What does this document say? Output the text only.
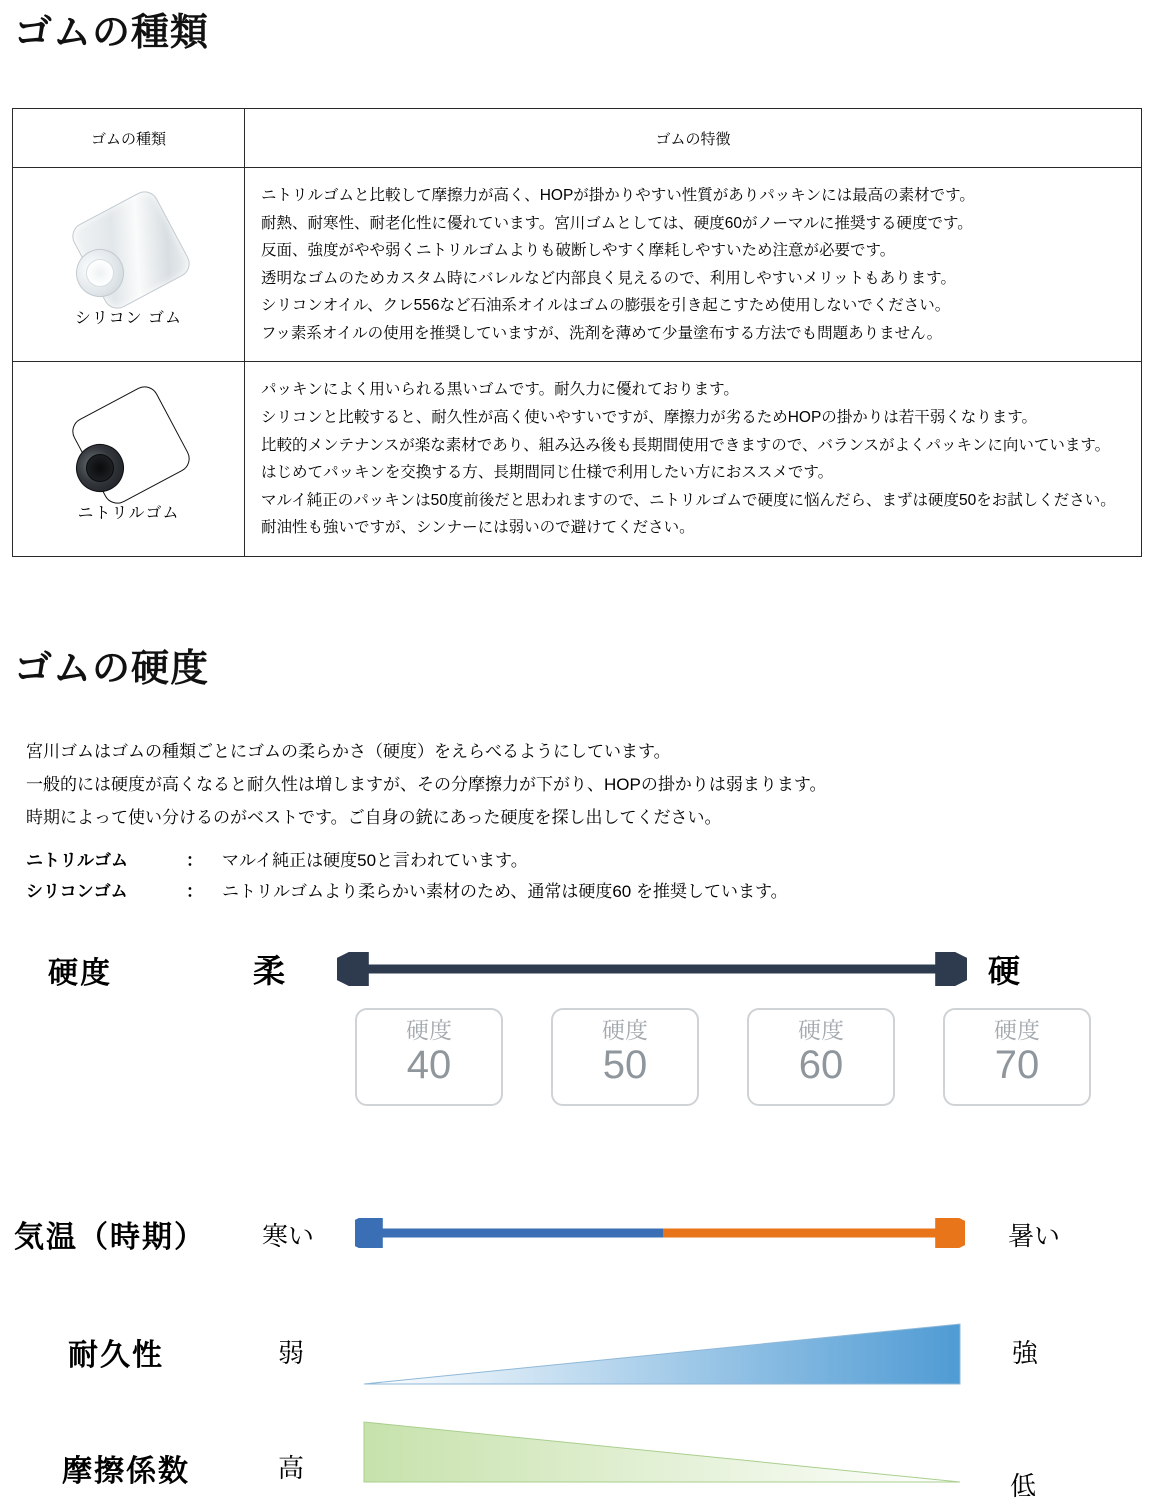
ゴムの種類
ゴムの種類	ゴムの特徴

シリコン ゴム

ニトリルゴムと比較して摩擦力が高く、HOPが掛かりやすい性質がありパッキンには最高の素材です。
耐熱、耐寒性、耐老化性に優れています。宮川ゴムとしては、硬度60がノーマルに推奨する硬度です。
反面、強度がやや弱くニトリルゴムよりも破断しやすく摩耗しやすいため注意が必要です。
透明なゴムのためカスタム時にバレルなど内部良く見えるので、利用しやすいメリットもあります。
シリコンオイル、クレ556など石油系オイルはゴムの膨張を引き起こすため使用しないでください。
フッ素系オイルの使用を推奨していますが、洗剤を薄めて少量塗布する方法でも問題ありません。

ニトリルゴム

パッキンによく用いられる黒いゴムです。耐久力に優れております。
シリコンと比較すると、耐久性が高く使いやすいですが、摩擦力が劣るためHOPの掛かりは若干弱くなります。
比較的メンテナンスが楽な素材であり、組み込み後も長期間使用できますので、バランスがよくパッキンに向いています。
はじめてパッキンを交換する方、長期間同じ仕様で利用したい方におススメです。
マルイ純正のパッキンは50度前後だと思われますので、ニトリルゴムで硬度に悩んだら、まずは硬度50をお試しください。
耐油性も強いですが、シンナーには弱いので避けてください。
ゴムの硬度
宮川ゴムはゴムの種類ごとにゴムの柔らかさ（硬度）をえらべるようにしています。
一般的には硬度が高くなると耐久性は増しますが、その分摩擦力が下がり、HOPの掛かりは弱まります。
時期によって使い分けるのがベストです。ご自身の銃にあった硬度を探し出してください。
ニトリルゴム	：	マルイ純正は硬度50と言われています。
シリコンゴム	：	ニトリルゴムより柔らかい素材のため、通常は硬度60 を推奨しています。
硬度	柔	硬
硬度
40
硬度
50
硬度
60
硬度
70
気温（時期） 寒い	暑い
耐久性	弱	強
摩擦係数	高
低
